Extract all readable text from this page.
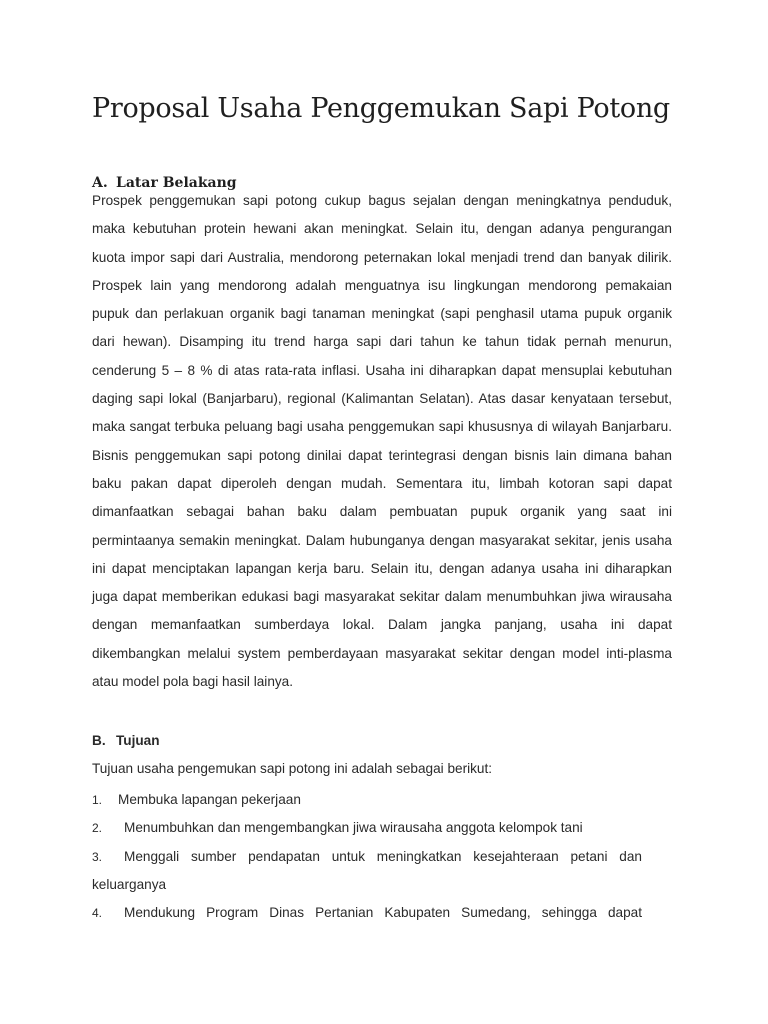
Proposal Usaha Penggemukan Sapi Potong
A. Latar Belakang
Prospek penggemukan sapi potong cukup bagus sejalan dengan meningkatnya penduduk,
maka kebutuhan protein hewani akan meningkat. Selain itu, dengan adanya pengurangan
kuota impor sapi dari Australia, mendorong peternakan lokal menjadi trend dan banyak dilirik.
Prospek lain yang mendorong adalah menguatnya isu lingkungan mendorong pemakaian
pupuk dan perlakuan organik bagi tanaman meningkat (sapi penghasil utama pupuk organik
dari hewan). Disamping itu trend harga sapi dari tahun ke tahun tidak pernah menurun,
cenderung 5 – 8 % di atas rata-rata inflasi. Usaha ini diharapkan dapat mensuplai kebutuhan
daging sapi lokal (Banjarbaru), regional (Kalimantan Selatan). Atas dasar kenyataan tersebut,
maka sangat terbuka peluang bagi usaha penggemukan sapi khususnya di wilayah Banjarbaru.
Bisnis penggemukan sapi potong dinilai dapat terintegrasi dengan bisnis lain dimana bahan
baku pakan dapat diperoleh dengan mudah. Sementara itu, limbah kotoran sapi dapat
dimanfaatkan sebagai bahan baku dalam pembuatan pupuk organik yang saat ini
permintaanya semakin meningkat. Dalam hubunganya dengan masyarakat sekitar, jenis usaha
ini dapat menciptakan lapangan kerja baru. Selain itu, dengan adanya usaha ini diharapkan
juga dapat memberikan edukasi bagi masyarakat sekitar dalam menumbuhkan jiwa wirausaha
dengan memanfaatkan sumberdaya lokal. Dalam jangka panjang, usaha ini dapat
dikembangkan melalui system pemberdayaan masyarakat sekitar dengan model inti-plasma
atau model pola bagi hasil lainya.
B. Tujuan

Tujuan usaha pengemukan sapi potong ini adalah sebagai berikut:

1. Membuka lapangan pekerjaan
2. Menumbuhkan dan mengembangkan jiwa wirausaha anggota kelompok tani
3. Menggali sumber pendapatan untuk meningkatkan kesejahteraan petani dan
keluarganya
4. Mendukung Program Dinas Pertanian Kabupaten Sumedang, sehingga dapat
